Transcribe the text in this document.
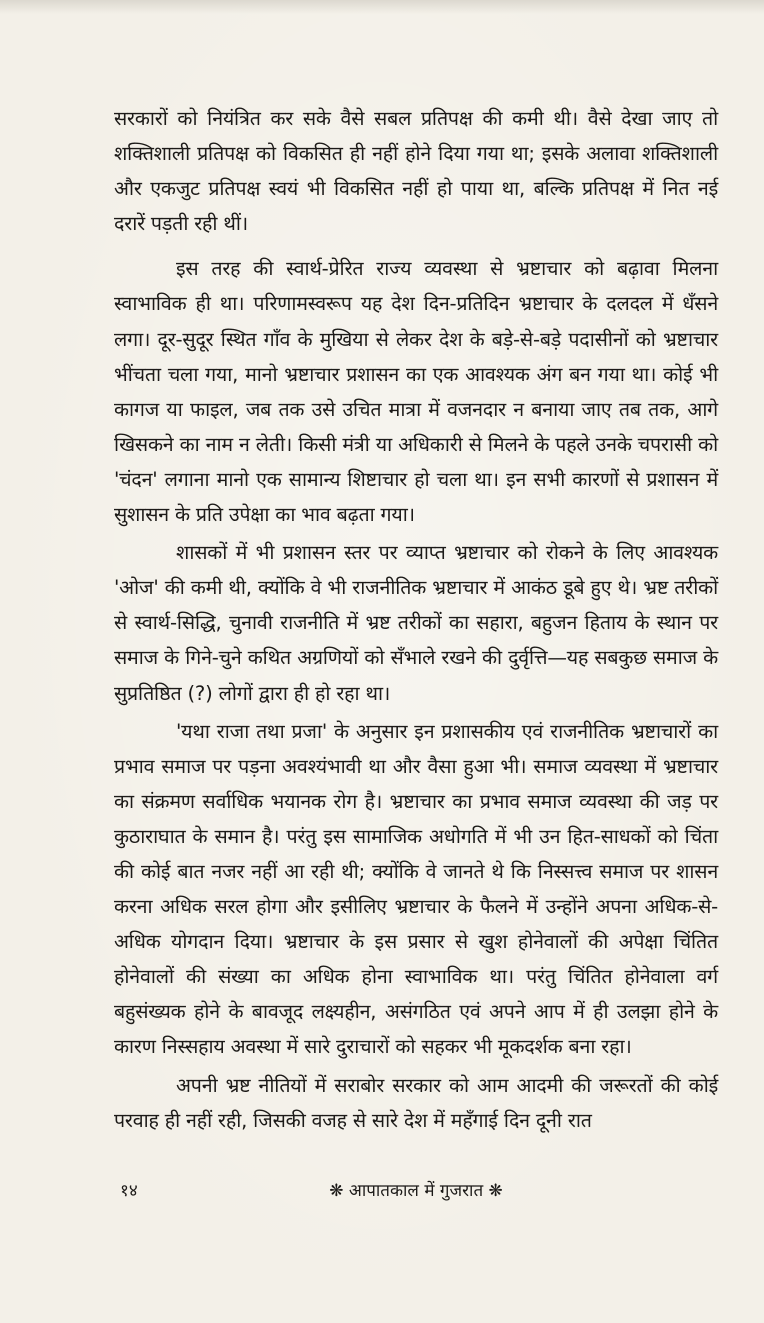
सरकारों को नियंत्रित कर सके वैसे सबल प्रतिपक्ष की कमी थी। वैसे देखा जाए तो शक्तिशाली प्रतिपक्ष को विकसित ही नहीं होने दिया गया था; इसके अलावा शक्तिशाली और एकजुट प्रतिपक्ष स्वयं भी विकसित नहीं हो पाया था, बल्कि प्रतिपक्ष में नित नई दरारें पड़ती रही थीं।

इस तरह की स्वार्थ-प्रेरित राज्य व्यवस्था से भ्रष्टाचार को बढ़ावा मिलना स्वाभाविक ही था। परिणामस्वरूप यह देश दिन-प्रतिदिन भ्रष्टाचार के दलदल में धँसने लगा। दूर-सुदूर स्थित गाँव के मुखिया से लेकर देश के बड़े-से-बड़े पदासीनों को भ्रष्टाचार भींचता चला गया, मानो भ्रष्टाचार प्रशासन का एक आवश्यक अंग बन गया था। कोई भी कागज या फाइल, जब तक उसे उचित मात्रा में वजनदार न बनाया जाए तब तक, आगे खिसकने का नाम न लेती। किसी मंत्री या अधिकारी से मिलने के पहले उनके चपरासी को 'चंदन' लगाना मानो एक सामान्य शिष्टाचार हो चला था। इन सभी कारणों से प्रशासन में सुशासन के प्रति उपेक्षा का भाव बढ़ता गया।

शासकों में भी प्रशासन स्तर पर व्याप्त भ्रष्टाचार को रोकने के लिए आवश्यक 'ओज' की कमी थी, क्योंकि वे भी राजनीतिक भ्रष्टाचार में आकंठ डूबे हुए थे। भ्रष्ट तरीकों से स्वार्थ-सिद्धि, चुनावी राजनीति में भ्रष्ट तरीकों का सहारा, बहुजन हिताय के स्थान पर समाज के गिने-चुने कथित अग्रणियों को सँभाले रखने की दुर्वृत्ति—यह सबकुछ समाज के सुप्रतिष्ठित (?) लोगों द्वारा ही हो रहा था।

'यथा राजा तथा प्रजा' के अनुसार इन प्रशासकीय एवं राजनीतिक भ्रष्टाचारों का प्रभाव समाज पर पड़ना अवश्यंभावी था और वैसा हुआ भी। समाज व्यवस्था में भ्रष्टाचार का संक्रमण सर्वाधिक भयानक रोग है। भ्रष्टाचार का प्रभाव समाज व्यवस्था की जड़ पर कुठाराघात के समान है। परंतु इस सामाजिक अधोगति में भी उन हित-साधकों को चिंता की कोई बात नजर नहीं आ रही थी; क्योंकि वे जानते थे कि निस्सत्त्व समाज पर शासन करना अधिक सरल होगा और इसीलिए भ्रष्टाचार के फैलने में उन्होंने अपना अधिक-से-अधिक योगदान दिया। भ्रष्टाचार के इस प्रसार से खुश होनेवालों की अपेक्षा चिंतित होनेवालों की संख्या का अधिक होना स्वाभाविक था। परंतु चिंतित होनेवाला वर्ग बहुसंख्यक होने के बावजूद लक्ष्यहीन, असंगठित एवं अपने आप में ही उलझा होने के कारण निस्सहाय अवस्था में सारे दुराचारों को सहकर भी मूकदर्शक बना रहा।

अपनी भ्रष्ट नीतियों में सराबोर सरकार को आम आदमी की जरूरतों की कोई परवाह ही नहीं रही, जिसकी वजह से सारे देश में महँगाई दिन दूनी रात

१४	❋ आपातकाल में गुजरात ❋
